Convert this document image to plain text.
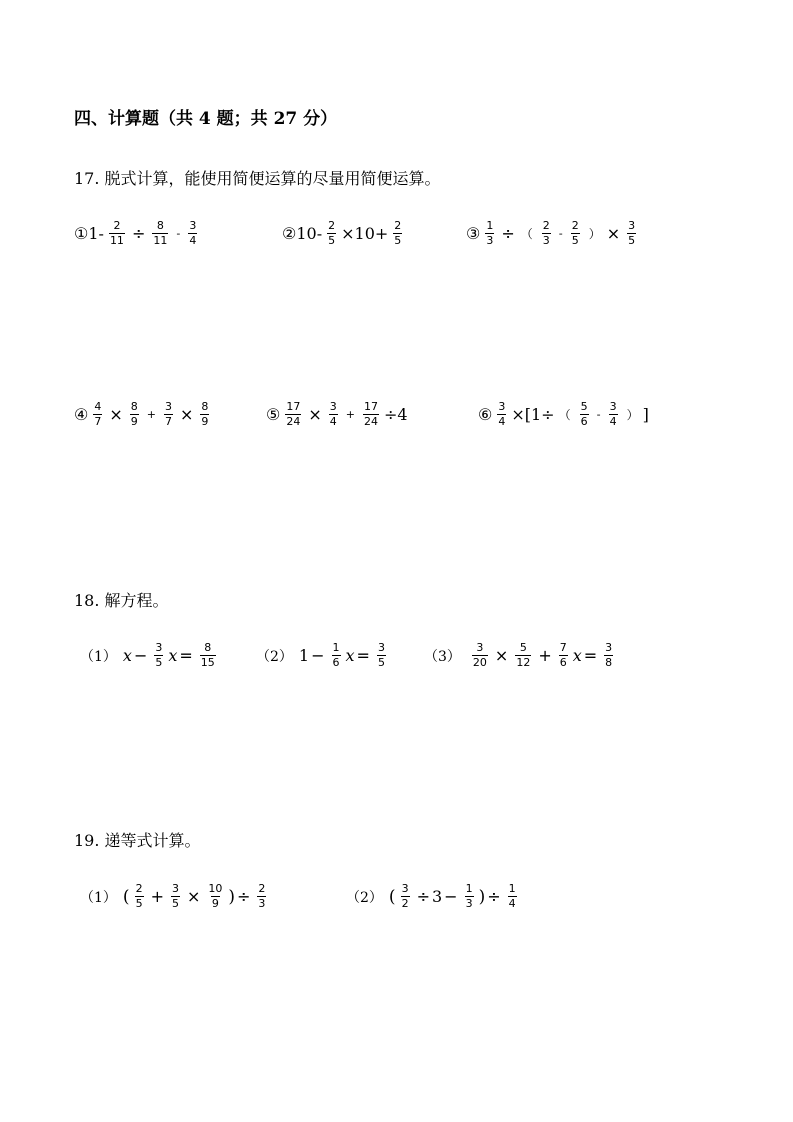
四、计算题（共 4 题；共 27 分）
17. 脱式计算，能使用简便运算的尽量用简便运算。
① $1- \frac{2}{11} \div \frac{8}{11} - \frac{3}{4}$	② $10- \frac{2}{5} \times 10+ \frac{2}{5}$	③ $\frac{1}{3}$ ÷ （ $\frac{2}{3} - \frac{2}{5}$ ） × $\frac{3}{5}$
④ $\frac{4}{7} \times \frac{8}{9} + \frac{3}{7} \times \frac{8}{9}$	⑤ $\frac{17}{24} \times \frac{3}{4} + \frac{17}{24} \div 4$	⑥ $\frac{3}{4} \times[1\div$ （ $\frac{5}{6} - \frac{3}{4}$ ） ]
18. 解方程。
（1） $x - \frac{3}{5}$ $x = \frac{8}{15}$	（2） $1 - \frac{1}{6}$ $x = \frac{3}{5}$	$(3) \frac{3}{20} \times \frac{5}{12} + \frac{7}{6}$ $x = \frac{3}{8}$
19. 递等式计算。
（1） ( $\frac{2}{5} + \frac{3}{5} \times \frac{10}{9}$ ) ÷ $\frac{2}{3}$	（2） ( $\frac{3}{2} \div 3 - \frac{1}{3}$ ) ÷ $\frac{1}{4}$
